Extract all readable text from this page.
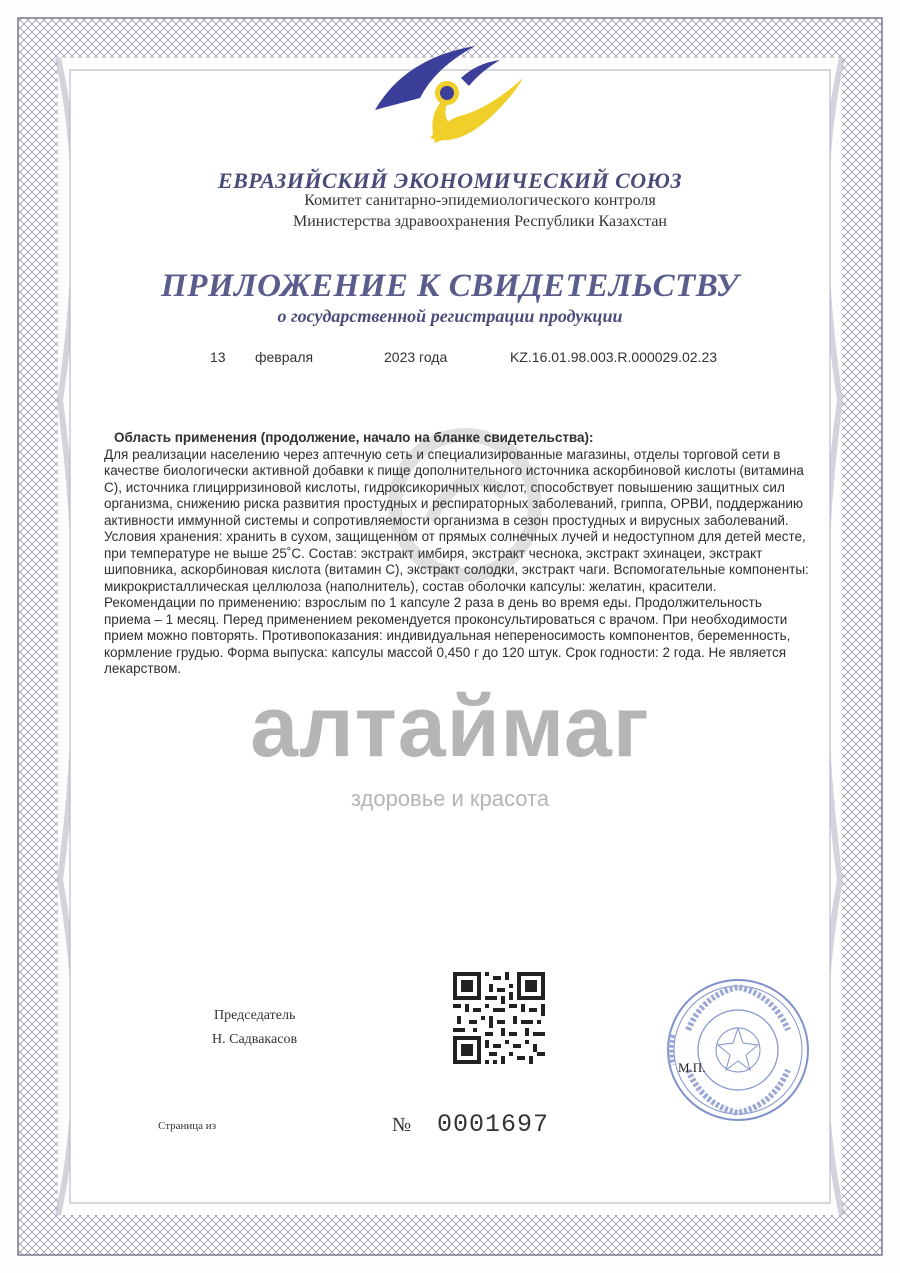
ЕВРАЗИЙСКИЙ ЭКОНОМИЧЕСКИЙ СОЮЗ
Комитет санитарно-эпидемиологического контроля
Министерства здравоохранения Республики Казахстан
ПРИЛОЖЕНИЕ К СВИДЕТЕЛЬСТВУ
о государственной регистрации продукции
13 февраля	2023 года	KZ.16.01.98.003.R.000029.02.23
Область применения (продолжение, начало на бланке свидетельства):
Для реализации населению через аптечную сеть и специализированные магазины, отделы торговой сети в качестве биологически активной добавки к пище дополнительного источника аскорбиновой кислоты (витамина С), источника глицирризиновой кислоты, гидроксикоричных кислот, способствует повышению защитных сил организма, снижению риска развития простудных и респираторных заболеваний, гриппа, ОРВИ, поддержанию активности иммунной системы и сопротивляемости организма в сезон простудных и вирусных заболеваний. Условия хранения: хранить в сухом, защищенном от прямых солнечных лучей и недоступном для детей месте, при температуре не выше 25˚С. Состав: экстракт имбиря, экстракт чеснока, экстракт эхинацеи, экстракт шиповника, аскорбиновая кислота (витамин С), экстракт солодки, экстракт чаги. Вспомогательные компоненты: микрокристаллическая целлюлоза (наполнитель), состав оболочки капсулы: желатин, красители. Рекомендации по применению: взрослым по 1 капсуле 2 раза в день во время еды. Продолжительность приема – 1 месяц. Перед применением рекомендуется проконсультироваться с врачом. При необходимости прием можно повторять. Противопоказания: индивидуальная непереносимость компонентов, беременность, кормление грудью. Форма выпуска: капсулы массой 0,450 г до 120 штук. Срок годности: 2 года. Не является лекарством.
алтаймаг
здоровье и красота
Председатель
Н. Садвакасов
Страница из	№ 0001697
М.П.
